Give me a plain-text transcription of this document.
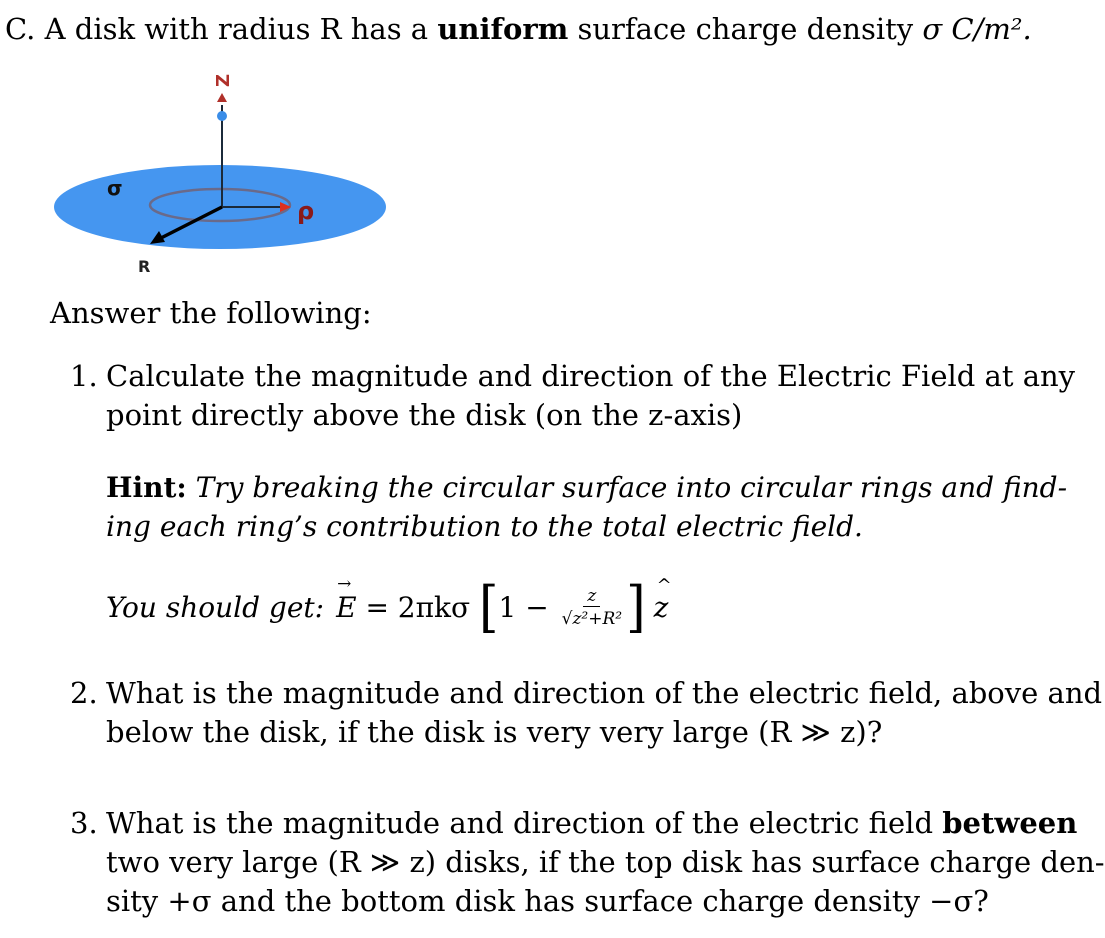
C. A disk with radius R has a uniform surface charge density σ C/m².
Z
σ
ρ
R
Answer the following:
1. Calculate the magnitude and direction of the Electric Field at any
point directly above the disk (on the z-axis)
Hint: Try breaking the circular surface into circular rings and find-
ing each ring’s contribution to the total electric field.
You should get: → E = 2πkσ [ $1 - \frac{z}{\text{√z²+R²}}$ ] ^ z
2. What is the magnitude and direction of the electric field, above and
below the disk, if the disk is very very large (R ≫ z)?
3. What is the magnitude and direction of the electric field between
two very large (R ≫ z) disks, if the top disk has surface charge den-
sity +σ and the bottom disk has surface charge density −σ?
